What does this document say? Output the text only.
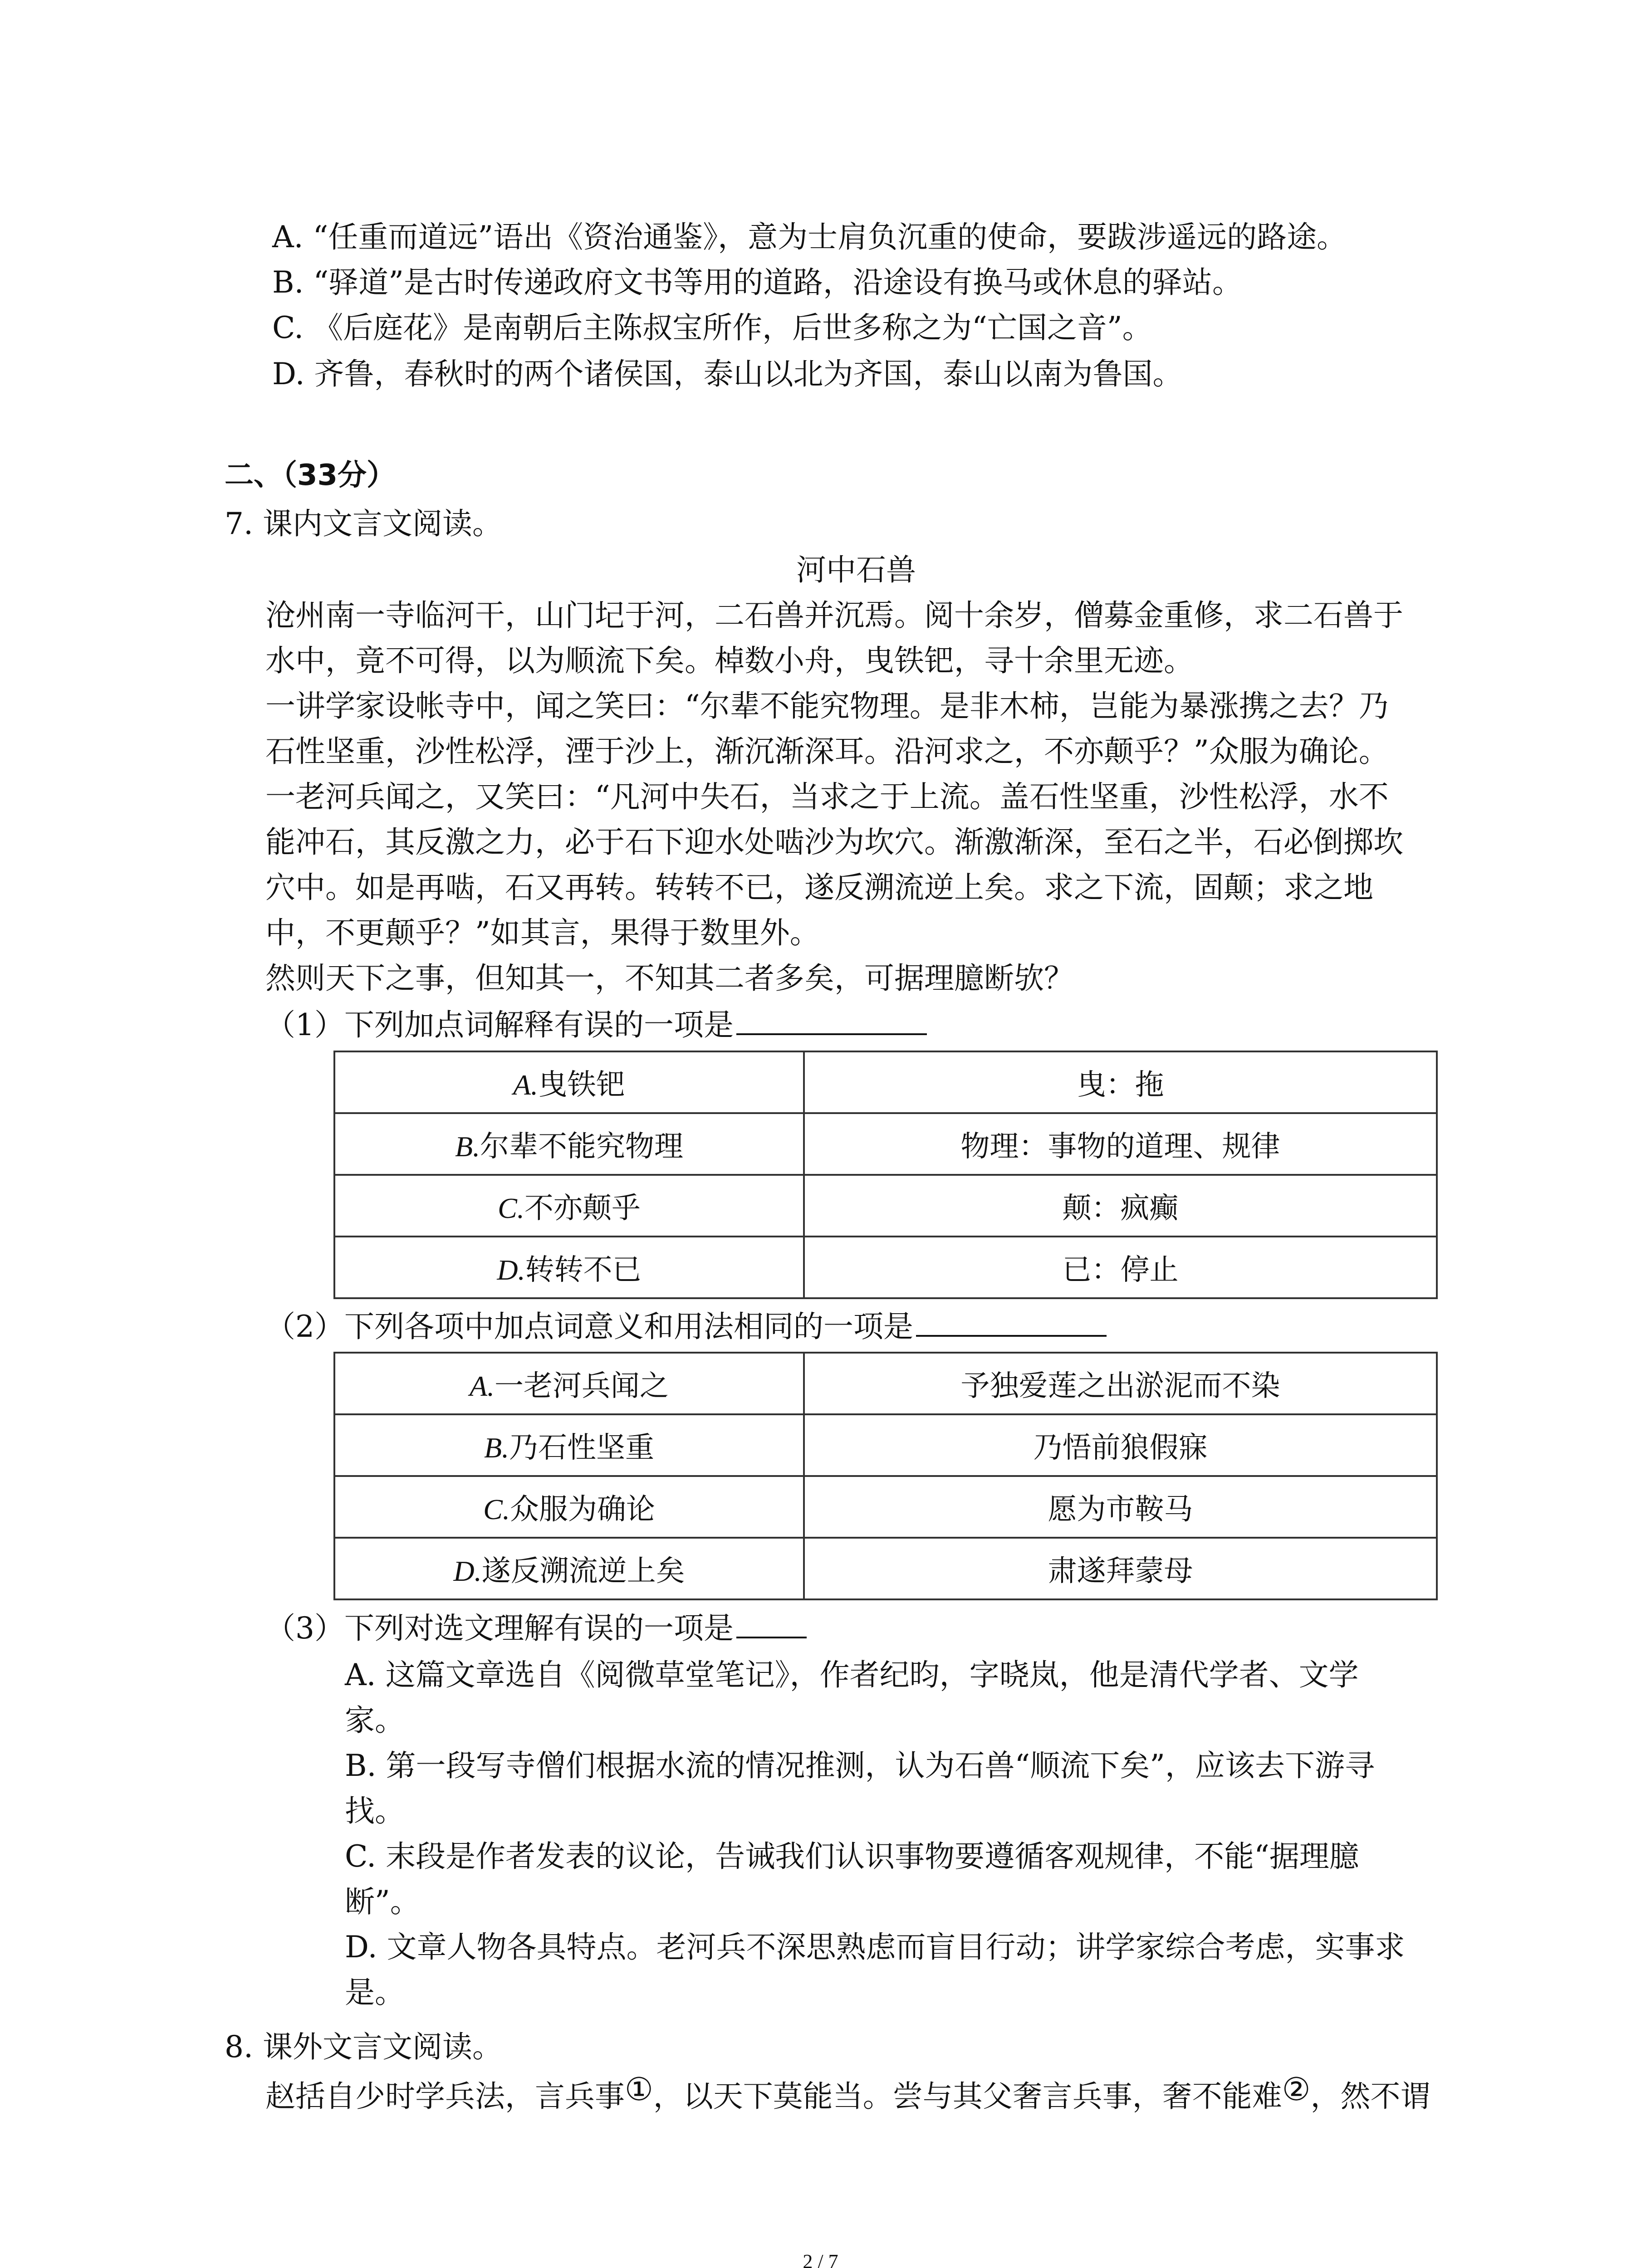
A. “任重而道远”语出《资治通鉴》，意为士肩负沉重的使命，要跋涉遥远的路途。
B. “驿道”是古时传递政府文书等用的道路，沿途设有换马或休息的驿站。
C. 《后庭花》是南朝后主陈叔宝所作，后世多称之为“亡国之音”。
D. 齐鲁，春秋时的两个诸侯国，泰山以北为齐国，泰山以南为鲁国。
二、（33分）
7. 课内文言文阅读。
河中石兽
沧州南一寺临河干，山门圮于河，二石兽并沉焉。阅十余岁，僧募金重修，求二石兽于
水中，竟不可得，以为顺流下矣。棹数小舟，曳铁钯，寻十余里无迹。
一讲学家设帐寺中，闻之笑曰：“尔辈不能究物理。是非木柿，岂能为暴涨携之去？乃
石性坚重，沙性松浮，湮于沙上，渐沉渐深耳。沿河求之，不亦颠乎？”众服为确论。
一老河兵闻之，又笑曰：“凡河中失石，当求之于上流。盖石性坚重，沙性松浮，水不
能冲石，其反激之力，必于石下迎水处啮沙为坎穴。渐激渐深，至石之半，石必倒掷坎
穴中。如是再啮，石又再转。转转不已，遂反溯流逆上矣。求之下流，固颠；求之地
中，不更颠乎？”如其言，果得于数里外。
然则天下之事，但知其一，不知其二者多矣，可据理臆断欤？
（1）下列加点词解释有误的一项是
A.曳铁钯	曳：拖
B.尔辈不能究物理	物理：事物的道理、规律
C.不亦颠乎	颠：疯癫
D.转转不已	已：停止
（2）下列各项中加点词意义和用法相同的一项是
A.一老河兵闻之	予独爱莲之出淤泥而不染
B.乃石性坚重	乃悟前狼假寐
C.众服为确论	愿为市鞍马
D.遂反溯流逆上矣	肃遂拜蒙母
（3）下列对选文理解有误的一项是
A. 这篇文章选自《阅微草堂笔记》，作者纪昀，字晓岚，他是清代学者、文学
家。
B. 第一段写寺僧们根据水流的情况推测，认为石兽“顺流下矣”，应该去下游寻
找。
C. 末段是作者发表的议论，告诫我们认识事物要遵循客观规律，不能“据理臆
断”。
D. 文章人物各具特点。老河兵不深思熟虑而盲目行动；讲学家综合考虑，实事求
是。
8. 课外文言文阅读。
赵括自少时学兵法，言兵事①，以天下莫能当。尝与其父奢言兵事，奢不能难②，然不谓
2 / 7
